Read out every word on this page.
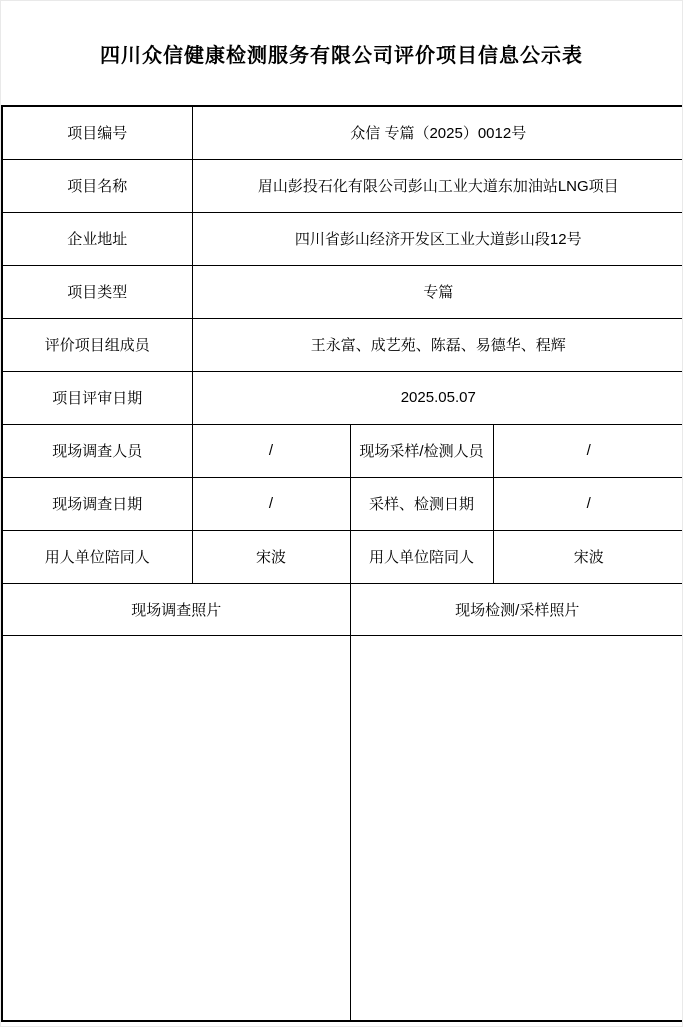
四川众信健康检测服务有限公司评价项目信息公示表
项目编号	众信 专篇（2025）0012号		
项目名称	眉山彭投石化有限公司彭山工业大道东加油站LNG项目		
企业地址	四川省彭山经济开发区工业大道彭山段12号		
项目类型	专篇		
评价项目组成员	王永富、成艺苑、陈磊、易德华、程辉		
项目评审日期	2025.05.07		
现场调查人员	/	现场采样/检测人员	/
现场调查日期	/	采样、检测日期	/
用人单位陪同人	宋波	用人单位陪同人	宋波
现场调查照片		现场检测/采样照片	
